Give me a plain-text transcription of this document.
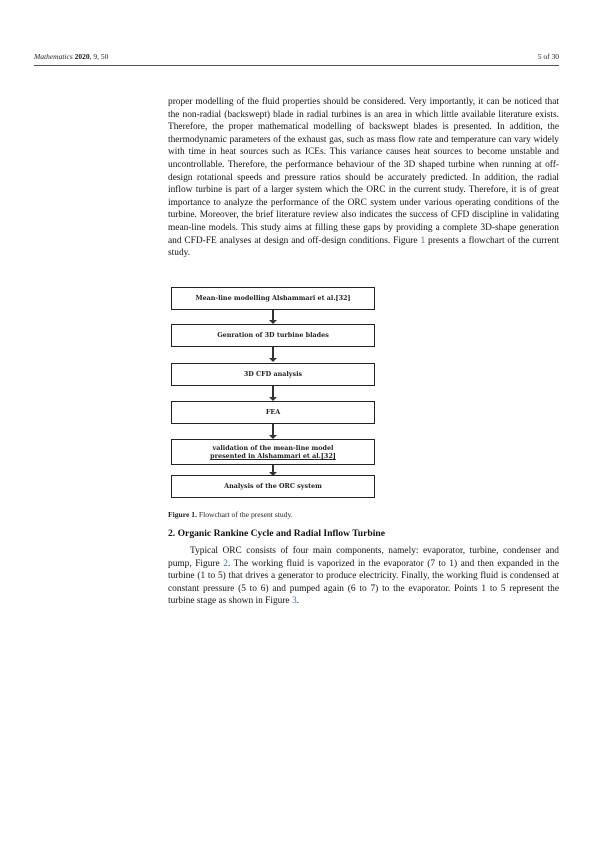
Mathematics 2020, 9, 50	5 of 30

proper modelling of the fluid properties should be considered. Very importantly, it can be noticed that the non-radial (backswept) blade in radial turbines is an area in which little available literature exists. Therefore, the proper mathematical modelling of backswept blades is presented. In addition, the thermodynamic parameters of the exhaust gas, such as mass flow rate and temperature can vary widely with time in heat sources such as ICEs. This variance causes heat sources to become unstable and uncontrollable. Therefore, the performance behaviour of the 3D shaped turbine when running at off-design rotational speeds and pressure ratios should be accurately predicted. In addition, the radial inflow turbine is part of a larger system which the ORC in the current study. Therefore, it is of great importance to analyze the performance of the ORC system under various operating conditions of the turbine. Moreover, the brief literature review also indicates the success of CFD discipline in validating mean-line models. This study aims at filling these gaps by providing a complete 3D-shape generation and CFD-FE analyses at design and off-design conditions. Figure 1 presents a flowchart of the current study.

Mean-line modelling Alshammari et al.[32]
Genration of 3D turbine blades
3D CFD analysis
FEA
validation of the mean-line model
presented in Alshammari et al.[32]
Analysis of the ORC system
Figure 1. Flowchart of the present study.
2. Organic Rankine Cycle and Radial Inflow Turbine

Typical ORC consists of four main components, namely: evaporator, turbine, condenser and pump, Figure 2. The working fluid is vaporized in the evaporator (7 to 1) and then expanded in the turbine (1 to 5) that drives a generator to produce electricity. Finally, the working fluid is condensed at constant pressure (5 to 6) and pumped again (6 to 7) to the evaporator. Points 1 to 5 represent the turbine stage as shown in Figure 3.
